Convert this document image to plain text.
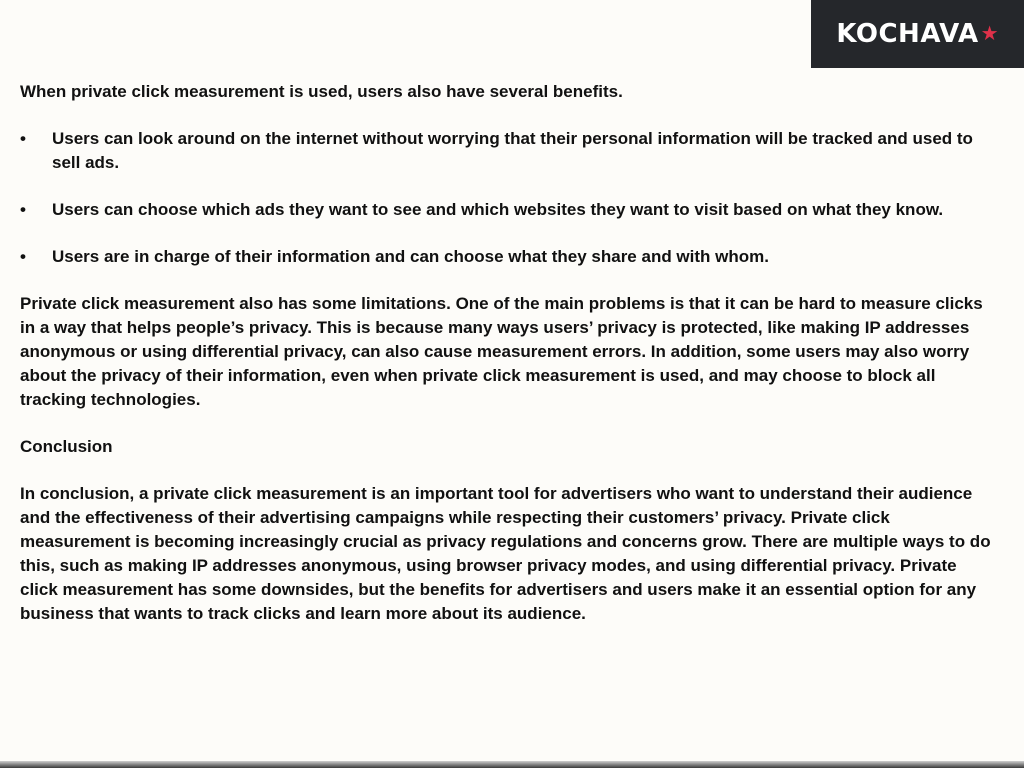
KOCHAVA ★

When private click measurement is used, users also have several benefits.

•	Users can look around on the internet without worrying that their personal information will be tracked and used to sell ads.
•	Users can choose which ads they want to see and which websites they want to visit based on what they know.
•	Users are in charge of their information and can choose what they share and with whom.

Private click measurement also has some limitations. One of the main problems is that it can be hard to measure clicks in a way that helps people’s privacy. This is because many ways users’ privacy is protected, like making IP addresses anonymous or using differential privacy, can also cause measurement errors. In addition, some users may also worry about the privacy of their information, even when private click measurement is used, and may choose to block all tracking technologies.

Conclusion

In conclusion, a private click measurement is an important tool for advertisers who want to understand their audience and the effectiveness of their advertising campaigns while respecting their customers’ privacy. Private click measurement is becoming increasingly crucial as privacy regulations and concerns grow. There are multiple ways to do this, such as making IP addresses anonymous, using browser privacy modes, and using differential privacy. Private click measurement has some downsides, but the benefits for advertisers and users make it an essential option for any business that wants to track clicks and learn more about its audience.
